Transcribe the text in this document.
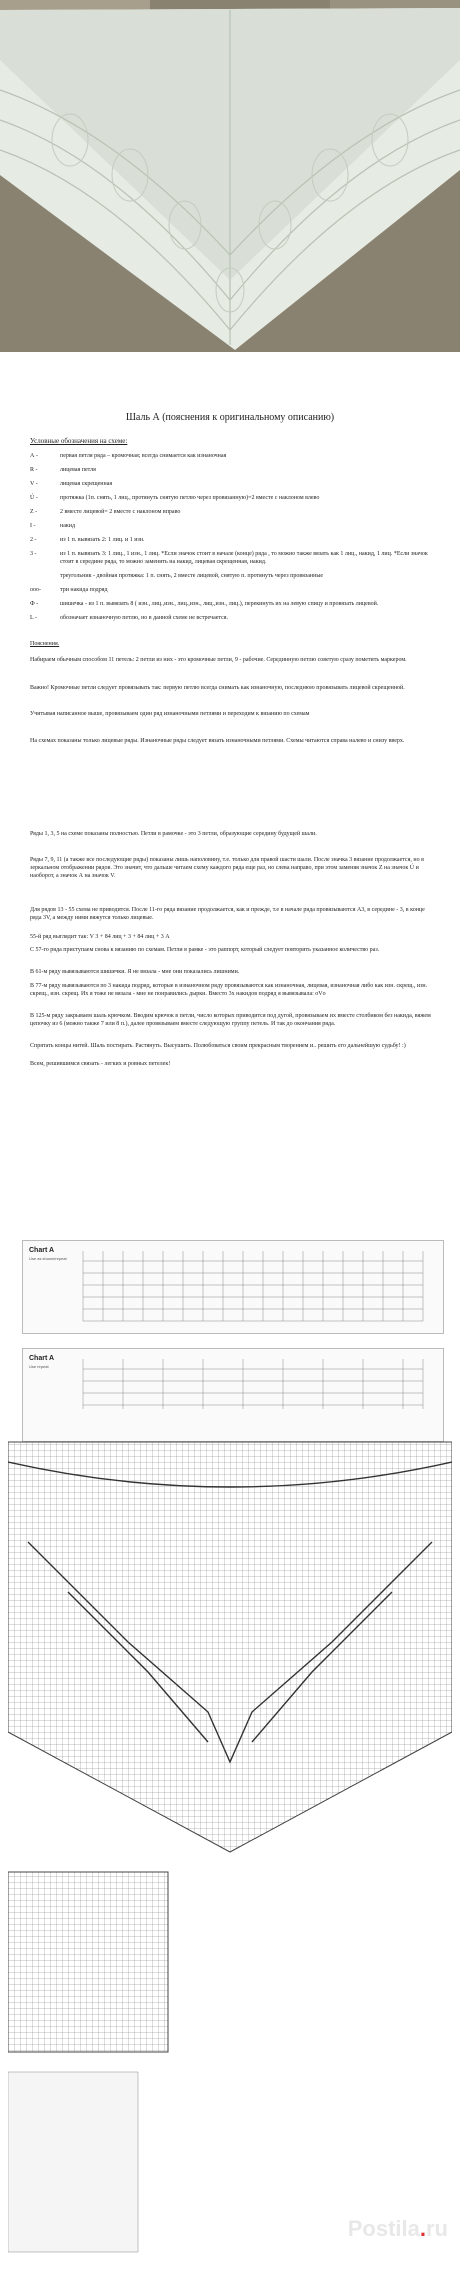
Шаль А (пояснения к оригинальному описанию)
Условные обозначения на схеме:
А -	первая петля ряда – кромочная; всегда снимается как изнаночная
R -	лицевая петля
V -	лицевая скрещенная
Ú -	протяжка (1п. снять, 1 лиц., протянуть снятую петлю через провязанную)=2 вместе с наклоном влево
Z -	2 вместе лицевой= 2 вместе с наклоном вправо
I -	накид
2 -	из 1 п. вывязать 2: 1 лиц. и 1 изн.
3 -	из 1 п. вывязать 3: 1 лиц., 1 изн., 1 лиц. *Если значок стоит в начале (конце) ряда , то можно также вязать как 1 лиц., накид, 1 лиц. *Если значок стоит в середине ряда, то можно заменить на накид, лицевая скрещенная, накид.
треугольник - двойная протяжка: 1 п. снять, 2 вместе лицевой, снятую п. протянуть через провязанные
ооо-	три накида подряд
Ф -	шишечка - из 1 п. вывязать 8 ( изн., лиц.,изн., лиц.,изн., лиц.,изн., лиц.), перекинуть их на левую спицу и провязать лицевой.
L -	обозначает изнаночную петлю, но в данной схеме не встречается.
Пояснения.
Набираем обычным способом 11 петель: 2 петли из них - это кромочные петли, 9 - рабочие. Серединную петлю советую сразу пометить маркером.
Важно! Кромочные петли следует провязывать так: первую петлю всегда снимать как изнаночную, последнюю провязывать лицевой скрещенной.
Учитывая написанное выше, провязываем один ряд изнаночными петлями и переходим к вязанию по схемам
На схемах показаны только лицевые ряды. Изнаночные ряды следует вязать изнаночными петлями. Схемы читаются справа налево и снизу вверх.
Ряды 1, 3, 5 на схеме показаны полностью. Петли в рамочке - это 3 петли, образующие середину будущей шали.
Ряды 7, 9, 11 (а также все последующие ряды) показаны лишь наполовину, т.е. только для правой шасти шали. После значка 3 вязание продолжается, но в зеркальном отображении рядов. Это значит, что дальше читаем схему каждого ряда еще раз, но слева направо, при этом заменяя значок Z на значок Ú и наоборот, а значок А на значок V.
Для рядов 13 - 55 схема не приводится. После 11-го ряда вязание продолжается, как и прежде, т.е в начале ряда провязываются А3, в середине - 3, в конце ряда 3V, а между ними вяжутся только лицевые.
55-й ряд выглядит так: V 3 + 84 лиц + 3 + 84 лиц + 3 А
С 57-го ряда приступаем снова к вязанию по схемам. Петли в рамке - это раппорт, который следует повторить указанное количество раз.
В 61-м ряду вывязываются шишечки. Я не вязала - мне они показались лишними.
В 77-м ряду вывязываются по 3 накида подряд, которые в изнаночном ряду провязываются как изнаночная, лицевая, изнаночная либо как изн. скрещ., изн. скрещ., изн. скрещ. Их я тоже не вязала - мне не понравились дырки. Вместо 3х накидов подряд я вывязывала: оVо
В 125-м ряду закрываем шаль крючком. Вводим крючок в петли, число которых приводится под дугой, провязываем их вместе столбиком без накида, вяжем цепочку из 6 (можно также 7 или 8 п.), далее провязываем вместе следующую группу петель. И так до окончания ряда.
Спрятать концы нитей. Шаль постирать. Растянуть. Высушить. Полюбоваться своим прекрасным творением и.. решить его дальнейшую судьбу! :)
Всем, решившимся связать - легких и ровных петелек!
Chart A
Use as shown/repeat
Chart A
Use repeat
Postila.ru
